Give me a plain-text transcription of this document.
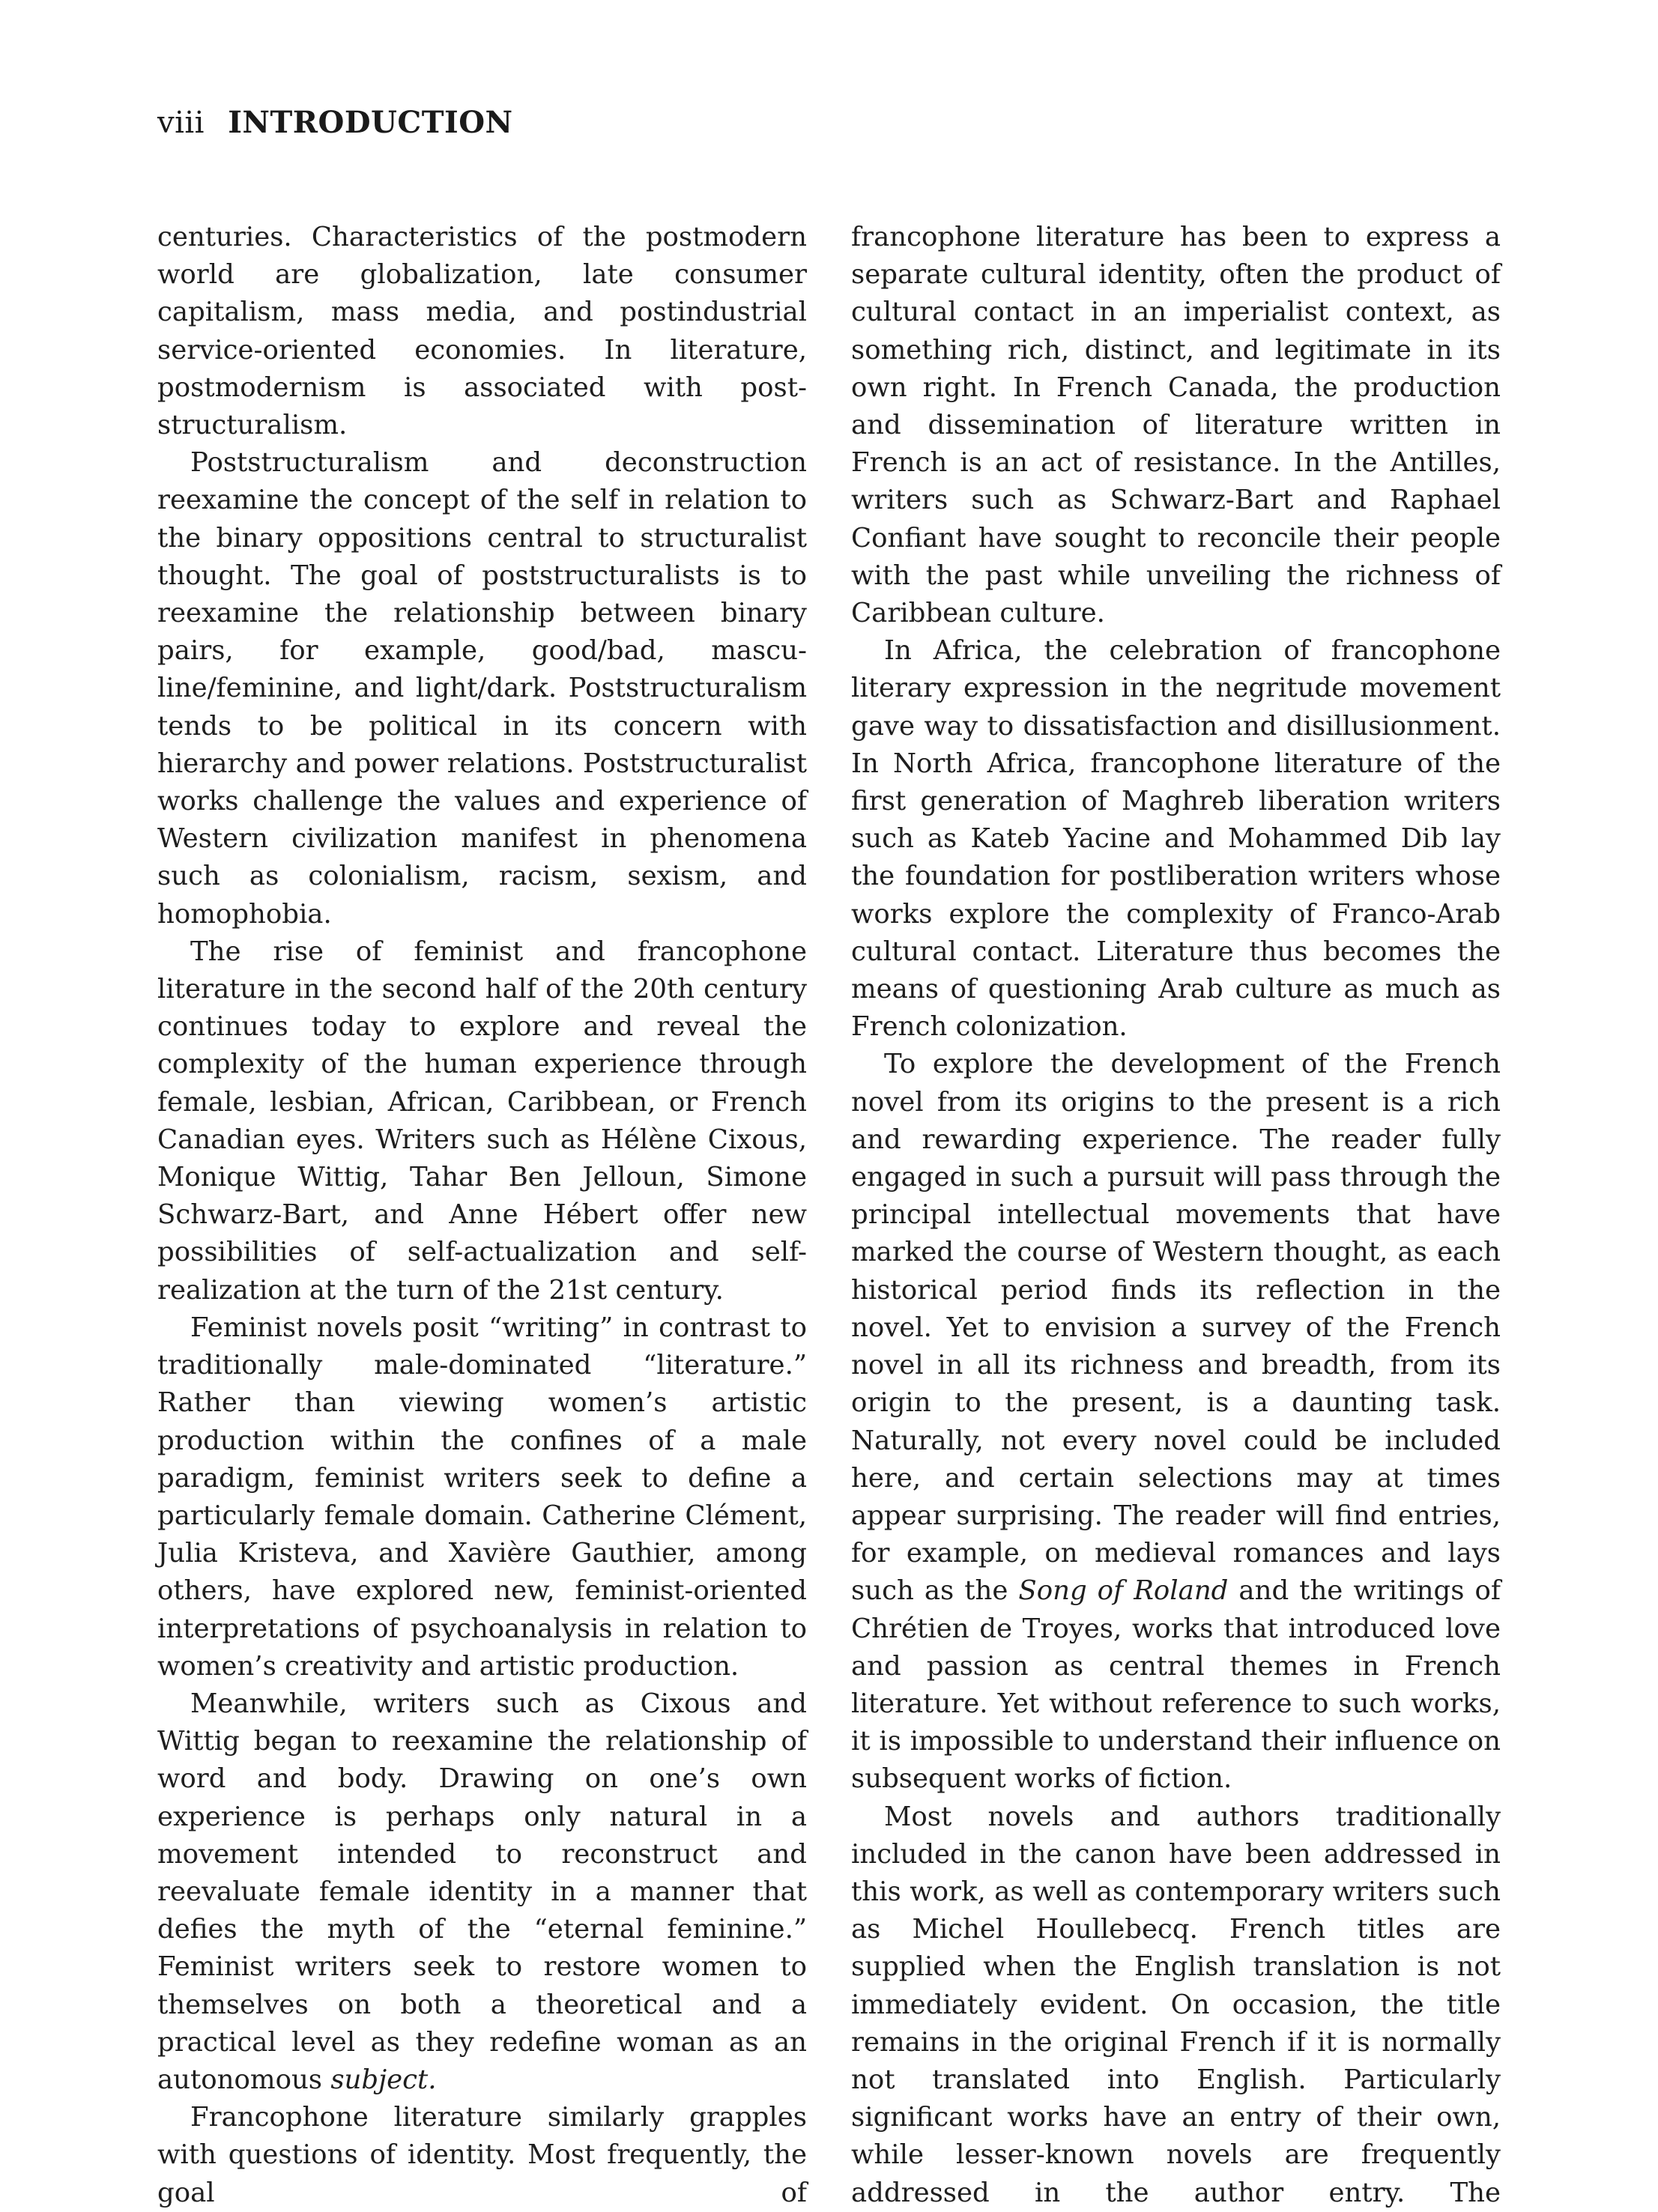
viii INTRODUCTION

centuries. Characteristics of the postmodern world are globalization, late consumer capitalism, mass media, and postindustrial service-oriented economies. In literature, postmodernism is associated with poststructuralism.

Poststructuralism and deconstruction reexamine the concept of the self in relation to the binary oppositions central to structuralist thought. The goal of poststructuralists is to reexamine the relationship between binary pairs, for example, good/bad, masculine/feminine, and light/dark. Poststructuralism tends to be political in its concern with hierarchy and power relations. Poststructuralist works challenge the values and experience of Western civilization manifest in phenomena such as colonialism, racism, sexism, and homophobia.

The rise of feminist and francophone literature in the second half of the 20th century continues today to explore and reveal the complexity of the human experience through female, lesbian, African, Caribbean, or French Canadian eyes. Writers such as Hélène Cixous, Monique Wittig, Tahar Ben Jelloun, Simone Schwarz-Bart, and Anne Hébert offer new possibilities of self-actualization and self-realization at the turn of the 21st century.

Feminist novels posit “writing” in contrast to traditionally male-dominated “literature.” Rather than viewing women’s artistic production within the confines of a male paradigm, feminist writers seek to define a particularly female domain. Catherine Clément, Julia Kristeva, and Xavière Gauthier, among others, have explored new, feminist-oriented interpretations of psychoanalysis in relation to women’s creativity and artistic production.

Meanwhile, writers such as Cixous and Wittig began to reexamine the relationship of word and body. Drawing on one’s own experience is perhaps only natural in a movement intended to reconstruct and reevaluate female identity in a manner that defies the myth of the “eternal feminine.” Feminist writers seek to restore women to themselves on both a theoretical and a practical level as they redefine woman as an autonomous subject.

Francophone literature similarly grapples with questions of identity. Most frequently, the goal of

francophone literature has been to express a separate cultural identity, often the product of cultural contact in an imperialist context, as something rich, distinct, and legitimate in its own right. In French Canada, the production and dissemination of literature written in French is an act of resistance. In the Antilles, writers such as Schwarz-Bart and Raphael Confiant have sought to reconcile their people with the past while unveiling the richness of Caribbean culture.

In Africa, the celebration of francophone literary expression in the negritude movement gave way to dissatisfaction and disillusionment. In North Africa, francophone literature of the first generation of Maghreb liberation writers such as Kateb Yacine and Mohammed Dib lay the foundation for postliberation writers whose works explore the complexity of Franco-Arab cultural contact. Literature thus becomes the means of questioning Arab culture as much as French colonization.

To explore the development of the French novel from its origins to the present is a rich and rewarding experience. The reader fully engaged in such a pursuit will pass through the principal intellectual movements that have marked the course of Western thought, as each historical period finds its reflection in the novel. Yet to envision a survey of the French novel in all its richness and breadth, from its origin to the present, is a daunting task. Naturally, not every novel could be included here, and certain selections may at times appear surprising. The reader will find entries, for example, on medieval romances and lays such as the Song of Roland and the writings of Chrétien de Troyes, works that introduced love and passion as central themes in French literature. Yet without reference to such works, it is impossible to understand their influence on subsequent works of fiction.

Most novels and authors traditionally included in the canon have been addressed in this work, as well as contemporary writers such as Michel Houllebecq. French titles are supplied when the English translation is not immediately evident. On occasion, the title remains in the original French if it is normally not translated into English. Particularly significant works have an entry of their own, while lesser-known novels are frequently addressed in the author entry. The
